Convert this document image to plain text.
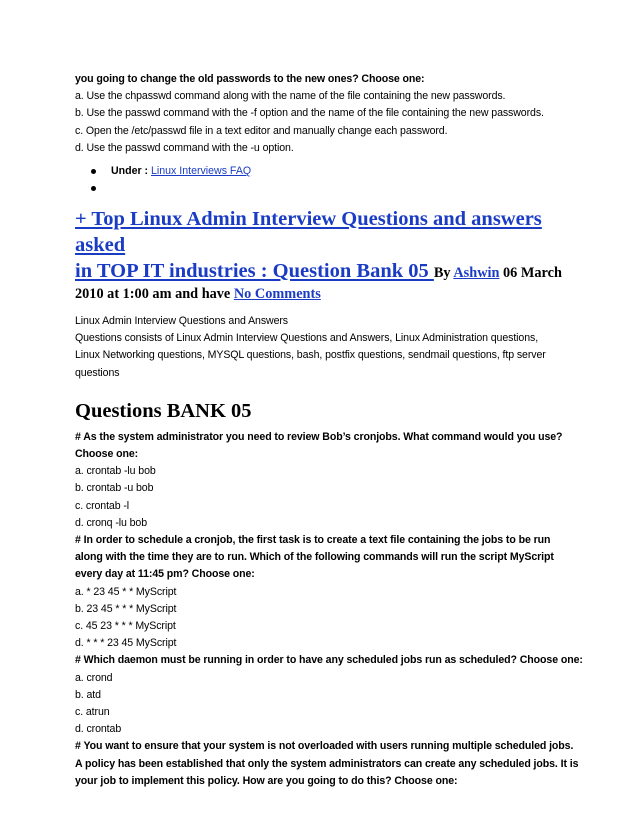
you going to change the old passwords to the new ones? Choose one:
a. Use the chpasswd command along with the name of the file containing the new passwords.
b. Use the passwd command with the -f option and the name of the file containing the new passwords.
c. Open the /etc/passwd file in a text editor and manually change each password.
d. Use the passwd command with the -u option.
Under : Linux Interviews FAQ
+ Top Linux Admin Interview Questions and answers asked
in TOP IT industries : Question Bank 05 By Ashwin 06 March
2010 at 1:00 am and have No Comments
Linux Admin Interview Questions and Answers
Questions consists of Linux Admin Interview Questions and Answers, Linux Administration questions,
Linux Networking questions, MYSQL questions, bash, postfix questions, sendmail questions, ftp server
questions
Questions BANK 05
# As the system administrator you need to review Bob’s cronjobs. What command would you use?
Choose one:
a. crontab -lu bob
b. crontab -u bob
c. crontab -l
d. cronq -lu bob
# In order to schedule a cronjob, the first task is to create a text file containing the jobs to be run
along with the time they are to run. Which of the following commands will run the script MyScript
every day at 11:45 pm? Choose one:
a. * 23 45 * * MyScript
b. 23 45 * * * MyScript
c. 45 23 * * * MyScript
d. * * * 23 45 MyScript
# Which daemon must be running in order to have any scheduled jobs run as scheduled? Choose one:
a. crond
b. atd
c. atrun
d. crontab
# You want to ensure that your system is not overloaded with users running multiple scheduled jobs.
A policy has been established that only the system administrators can create any scheduled jobs. It is
your job to implement this policy. How are you going to do this? Choose one:
